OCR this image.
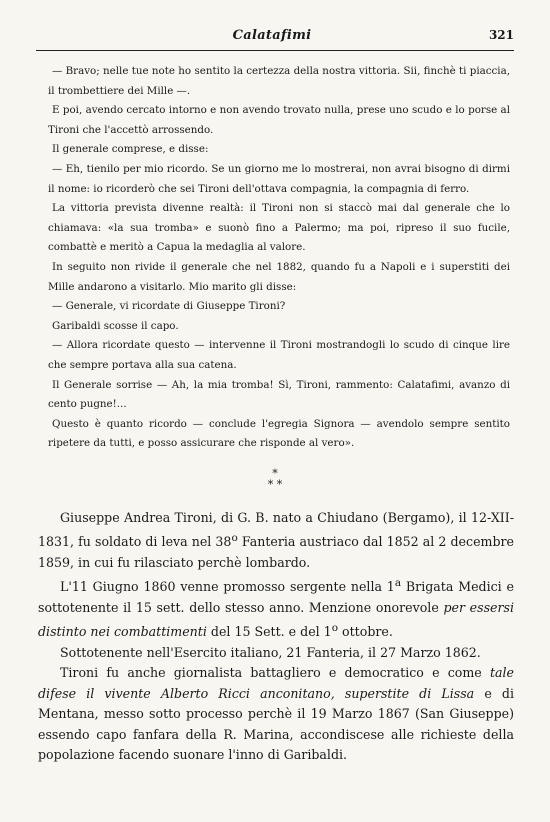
Calatafimi	321

— Bravo; nelle tue note ho sentito la certezza della nostra vittoria. Sii, finchè ti piaccia, il trombettiere dei Mille —.

E poi, avendo cercato intorno e non avendo trovato nulla, prese uno scudo e lo porse al Tironi che l'accettò arrossendo.

Il generale comprese, e disse:

— Eh, tienilo per mio ricordo. Se un giorno me lo mostrerai, non avrai bisogno di dirmi il nome: io ricorderò che sei Tironi dell'ottava compagnia, la compagnia di ferro.

La vittoria prevista divenne realtà: il Tironi non si staccò mai dal generale che lo chiamava: «la sua tromba» e suonò fino a Palermo; ma poi, ripreso il suo fucile, combattè e meritò a Capua la medaglia al valore.

In seguito non rivide il generale che nel 1882, quando fu a Napoli e i superstiti dei Mille andarono a visitarlo. Mio marito gli disse:

— Generale, vi ricordate di Giuseppe Tironi?

Garibaldi scosse il capo.

— Allora ricordate questo — intervenne il Tironi mostrandogli lo scudo di cinque lire che sempre portava alla sua catena.

Il Generale sorrise — Ah, la mia tromba! Sì, Tironi, rammento: Calatafimi, avanzo di cento pugne!...

Questo è quanto ricordo — conclude l'egregia Signora — avendolo sempre sentito ripetere da tutti, e posso assicurare che risponde al vero».

*
* *

Giuseppe Andrea Tironi, di G. B. nato a Chiudano (Bergamo), il 12-XII-1831, fu soldato di leva nel 38$^o$ Fanteria austriaco dal 1852 al 2 decembre 1859, in cui fu rilasciato perchè lombardo.

L'11 Giugno 1860 venne promosso sergente nella 1$^a$ Brigata Medici e sottotenente il 15 sett. dello stesso anno. Menzione onorevole per essersi distinto nei combattimenti del 15 Sett. e del 1$^o$ ottobre.

Sottotenente nell'Esercito italiano, 21 Fanteria, il 27 Marzo 1862.

Tironi fu anche giornalista battagliero e democratico e come tale difese il vivente Alberto Ricci anconitano, superstite di Lissa e di Mentana, messo sotto processo perchè il 19 Marzo 1867 (San Giuseppe) essendo capo fanfara della R. Marina, accondiscese alle richieste della popolazione facendo suonare l'inno di Garibaldi.
